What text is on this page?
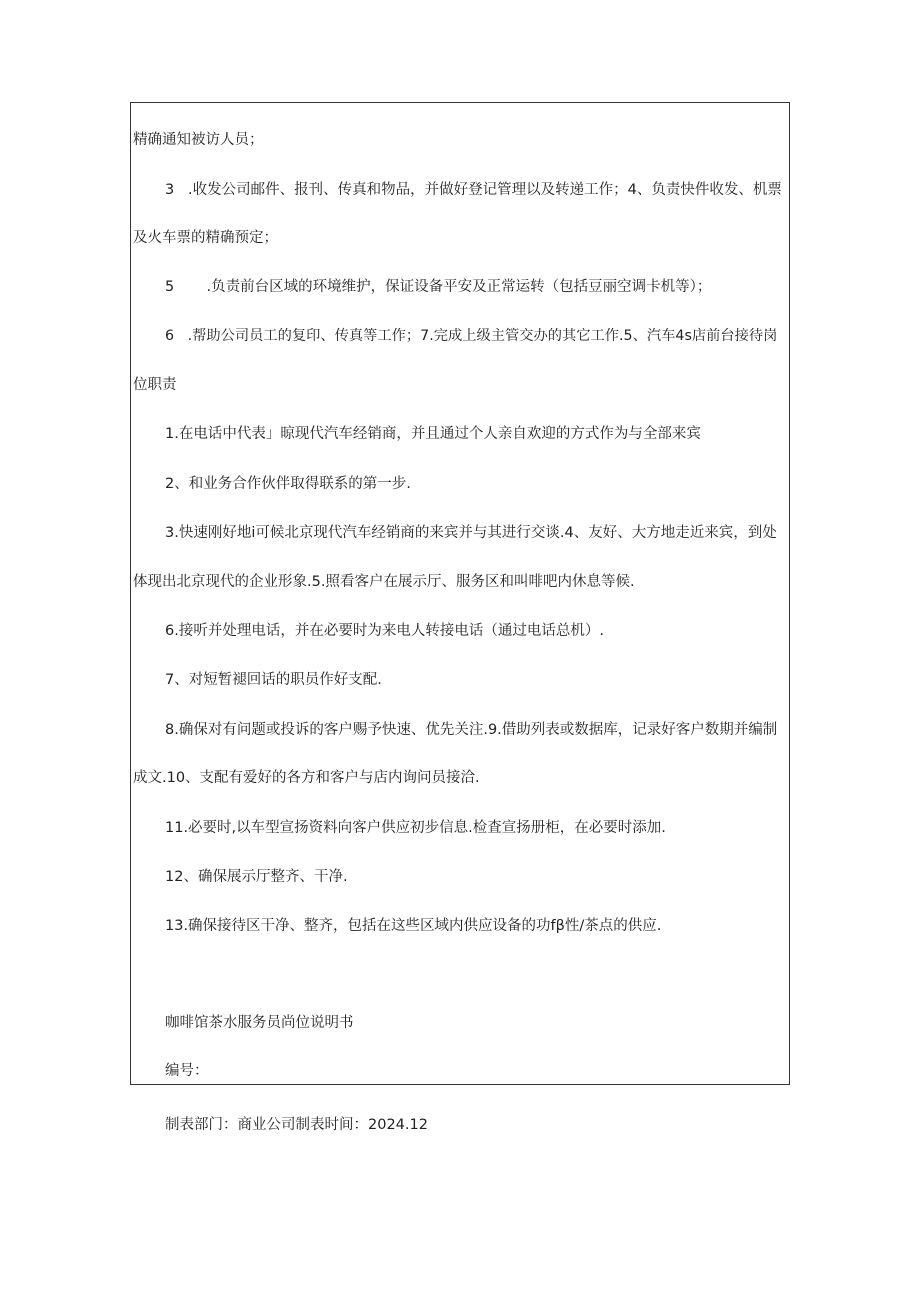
精确通知被访人员；
3   .收发公司邮件、报刊、传真和物品，并做好登记管理以及转递工作；4、负责快件收发、机票
及火车票的精确预定；
5       .负责前台区域的环境维护，保证设备平安及正常运转（包括豆丽空调卡机等）；
6   .帮助公司员工的复印、传真等工作；7.完成上级主管交办的其它工作.5、汽车4s店前台接待岗
位职责
1.在电话中代表」晾现代汽车经销商，并且通过个人亲自欢迎的方式作为与全部来宾
2、和业务合作伙伴取得联系的第一步.
3.快速刚好地i可候北京现代汽车经销商的来宾并与其进行交谈.4、友好、大方地走近来宾，到处
体现出北京现代的企业形象.5.照看客户在展示厅、服务区和叫啡吧内休息等候.
6.接听并处理电话，并在必要时为来电人转接电话（通过电话总机）.
7、对短暂褪回话的职员作好支配.
8.确保对有问题或投诉的客户赐予快速、优先关注.9.借助列表或数据库，记录好客户数期并编制
成文.10、支配有爱好的各方和客户与店内询问员接洽.
11.必要时,以车型宣扬资料向客户供应初步信息.检査宣扬册柜，在必要时添加.
12、确保展示厅整齐、干净.
13.确保接待区干净、整齐，包括在这些区域内供应设备的功fβ性/茶点的供应.
咖啡馆茶水服务员尚位说明书
编号：
制表部门：商业公司制表时间：2024.12
